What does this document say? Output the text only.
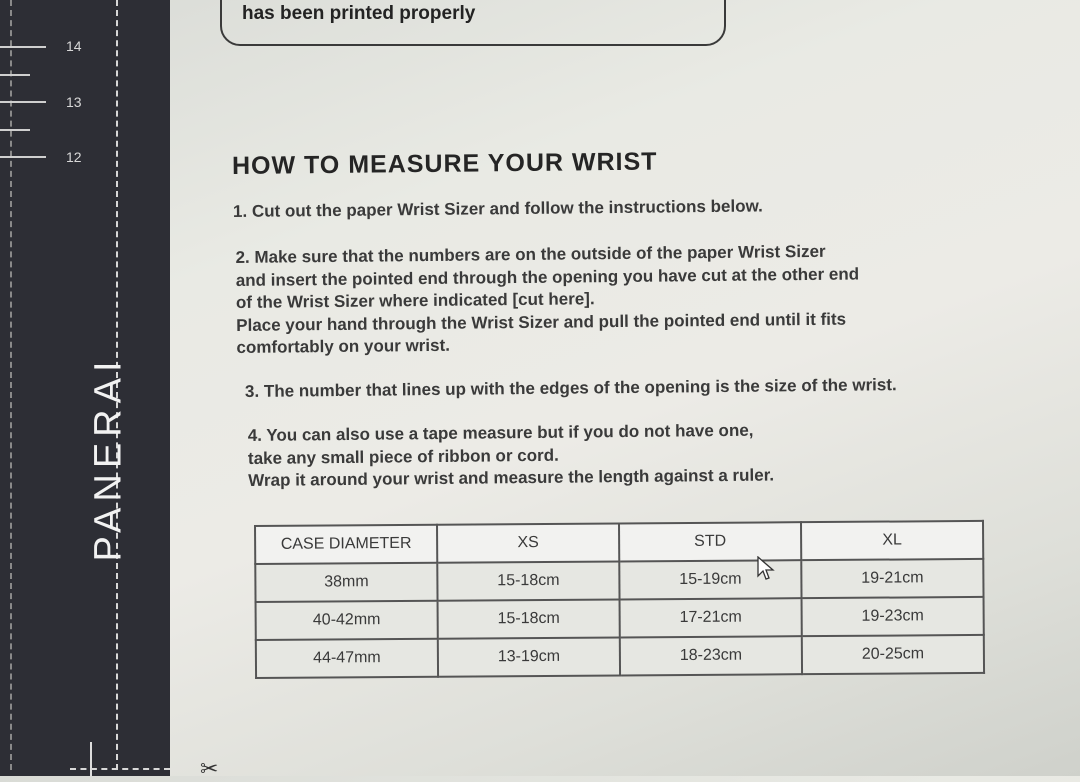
14
13
12
PANERAI
✂
has been printed properly
HOW TO MEASURE YOUR WRIST
1. Cut out the paper Wrist Sizer and follow the instructions below.
2. Make sure that the numbers are on the outside of the paper Wrist Sizer
and insert the pointed end through the opening you have cut at the other end
of the Wrist Sizer where indicated [cut here].
Place your hand through the Wrist Sizer and pull the pointed end until it fits
comfortably on your wrist.
3. The number that lines up with the edges of the opening is the size of the wrist.
4. You can also use a tape measure but if you do not have one,
take any small piece of ribbon or cord.
Wrap it around your wrist and measure the length against a ruler.
CASE DIAMETER	XS	STD	XL
38mm	15-18cm	15-19cm	19-21cm
40-42mm	15-18cm	17-21cm	19-23cm
44-47mm	13-19cm	18-23cm	20-25cm
